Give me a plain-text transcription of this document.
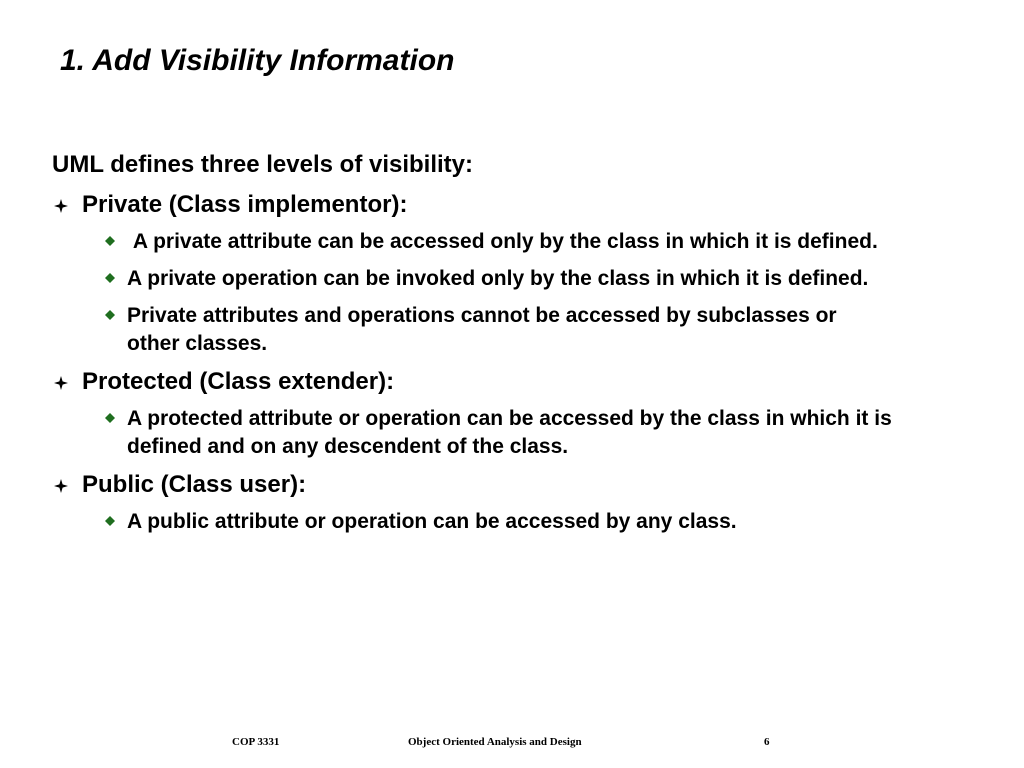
1. Add Visibility Information
UML defines three levels of visibility:
Private (Class implementor):
A private attribute can be accessed only by the class in which it is defined.
A private operation can be invoked only by the class in which it is defined.
Private attributes and operations cannot be accessed by subclasses or other classes.
Protected (Class extender):
A protected attribute or operation can be accessed by the class in which it is defined and on any descendent of the class.
Public (Class user):
A public attribute or operation can be accessed by any class.
COP 3331	Object Oriented Analysis and Design	6
